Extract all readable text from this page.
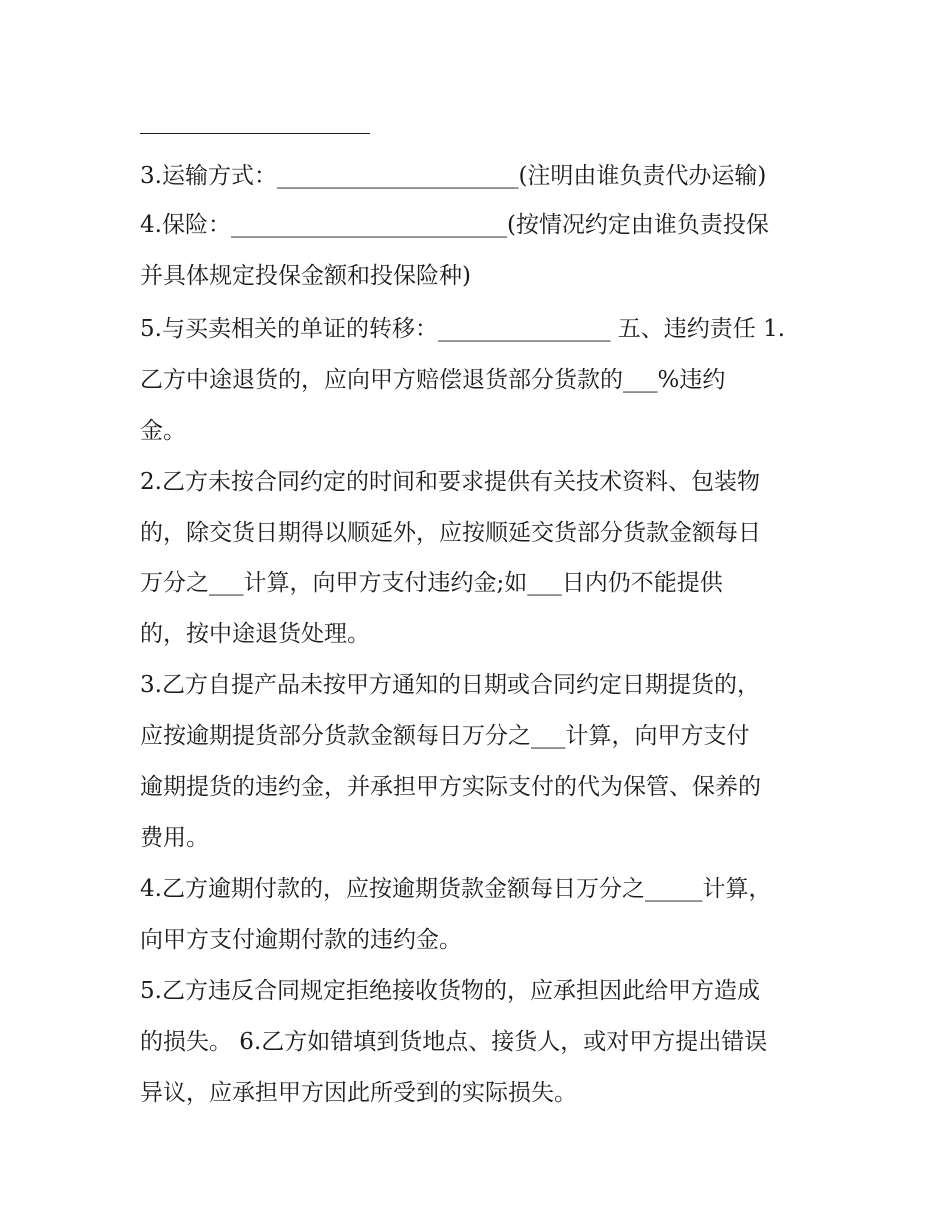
3.运输方式：_____________________(注明由谁负责代办运输)
4.保险：________________________(按情况约定由谁负责投保
并具体规定投保金额和投保险种)
5.与买卖相关的单证的转移：_______________ 五、违约责任 1.
乙方中途退货的，应向甲方赔偿退货部分货款的___%违约
金。
2.乙方未按合同约定的时间和要求提供有关技术资料、包装物
的，除交货日期得以顺延外，应按顺延交货部分货款金额每日
万分之___计算，向甲方支付违约金;如___日内仍不能提供
的，按中途退货处理。
3.乙方自提产品未按甲方通知的日期或合同约定日期提货的，
应按逾期提货部分货款金额每日万分之___计算，向甲方支付
逾期提货的违约金，并承担甲方实际支付的代为保管、保养的
费用。
4.乙方逾期付款的，应按逾期货款金额每日万分之_____计算，
向甲方支付逾期付款的违约金。
5.乙方违反合同规定拒绝接收货物的，应承担因此给甲方造成
的损失。 6.乙方如错填到货地点、接货人，或对甲方提出错误
异议，应承担甲方因此所受到的实际损失。
